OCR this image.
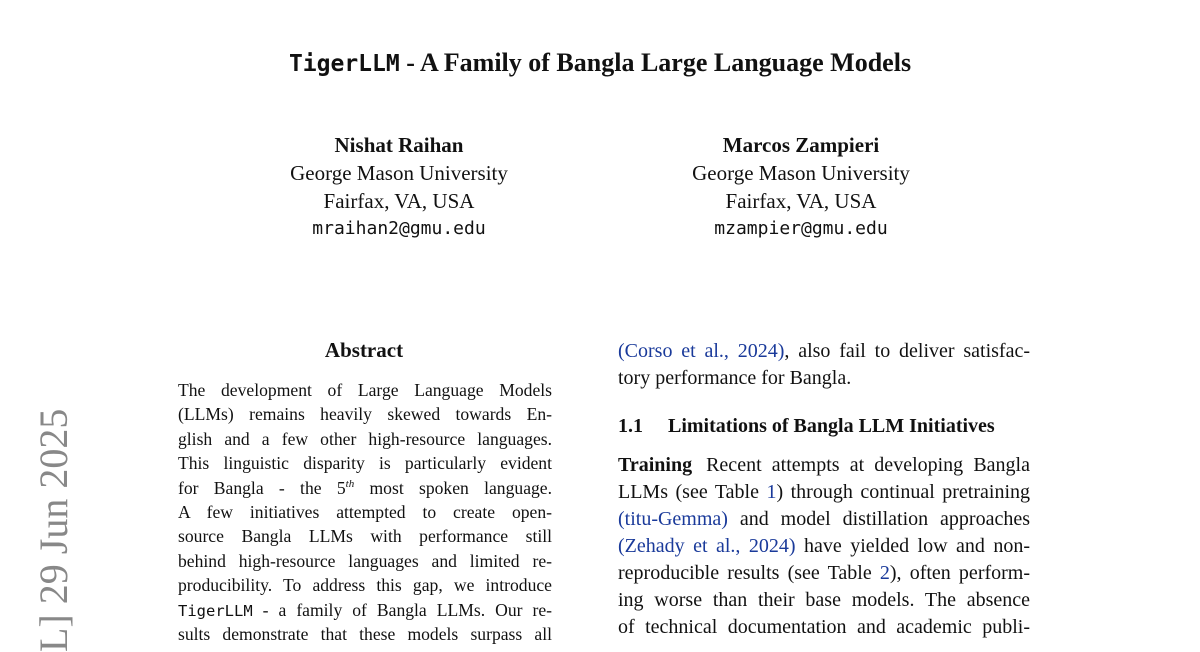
TigerLLM - A Family of Bangla Large Language Models
Nishat Raihan
George Mason University
Fairfax, VA, USA
mraihan2@gmu.edu
Marcos Zampieri
George Mason University
Fairfax, VA, USA
mzampier@gmu.edu
L] 29 Jun 2025
Abstract
The development of Large Language Models
(LLMs) remains heavily skewed towards En-
glish and a few other high-resource languages.
This linguistic disparity is particularly evident
for Bangla - the 5th most spoken language.
A few initiatives attempted to create open-
source Bangla LLMs with performance still
behind high-resource languages and limited re-
producibility. To address this gap, we introduce
TigerLLM - a family of Bangla LLMs. Our re-
sults demonstrate that these models surpass all
(Corso et al., 2024), also fail to deliver satisfac-
tory performance for Bangla.
1.1 Limitations of Bangla LLM Initiatives
Training Recent attempts at developing Bangla
LLMs (see Table 1) through continual pretraining
(titu-Gemma) and model distillation approaches
(Zehady et al., 2024) have yielded low and non-
reproducible results (see Table 2), often perform-
ing worse than their base models. The absence
of technical documentation and academic publi-
